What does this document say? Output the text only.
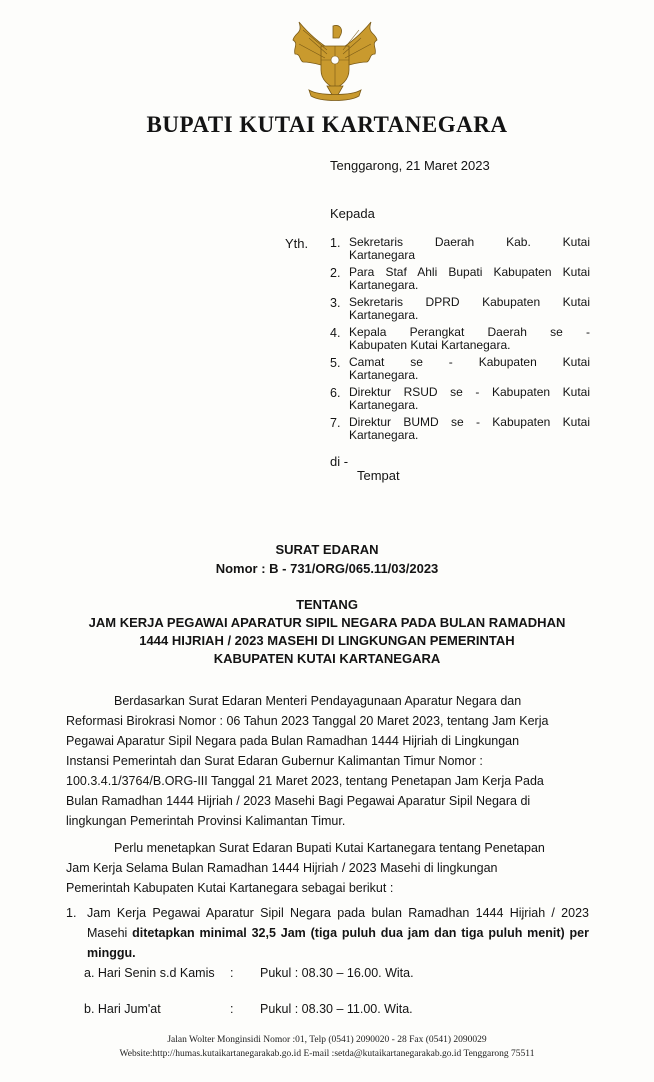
BUPATI KUTAI KARTANEGARA
Tenggarong, 21 Maret 2023
Kepada
Yth. 1. Sekretaris Daerah Kab. Kutai
Kartanegara
2. Para Staf Ahli Bupati Kabupaten Kutai
Kartanegara.
3. Sekretaris DPRD Kabupaten Kutai
Kartanegara.
4. Kepala Perangkat Daerah se -
Kabupaten Kutai Kartanegara.
5. Camat se - Kabupaten Kutai
Kartanegara.
6. Direktur RSUD se - Kabupaten Kutai
Kartanegara.
7. Direktur BUMD se - Kabupaten Kutai
Kartanegara.
di -
Tempat
SURAT EDARAN
Nomor : B - 731/ORG/065.11/03/2023
TENTANG
JAM KERJA PEGAWAI APARATUR SIPIL NEGARA PADA BULAN RAMADHAN
1444 HIJRIAH / 2023 MASEHI DI LINGKUNGAN PEMERINTAH
KABUPATEN KUTAI KARTANEGARA
Berdasarkan Surat Edaran Menteri Pendayagunaan Aparatur Negara dan
Reformasi Birokrasi Nomor : 06 Tahun 2023 Tanggal 20 Maret 2023, tentang Jam Kerja
Pegawai Aparatur Sipil Negara pada Bulan Ramadhan 1444 Hijriah di Lingkungan
Instansi Pemerintah dan Surat Edaran Gubernur Kalimantan Timur Nomor :
100.3.4.1/3764/B.ORG-III Tanggal 21 Maret 2023, tentang Penetapan Jam Kerja Pada
Bulan Ramadhan 1444 Hijriah / 2023 Masehi Bagi Pegawai Aparatur Sipil Negara di
lingkungan Pemerintah Provinsi Kalimantan Timur.
Perlu menetapkan Surat Edaran Bupati Kutai Kartanegara tentang Penetapan
Jam Kerja Selama Bulan Ramadhan 1444 Hijriah / 2023 Masehi di lingkungan
Pemerintah Kabupaten Kutai Kartanegara sebagai berikut :
1. Jam Kerja Pegawai Aparatur Sipil Negara pada bulan Ramadhan 1444 Hijriah / 2023 Masehi ditetapkan minimal 32,5 Jam (tiga puluh dua jam dan tiga puluh menit) per minggu.
a. Hari Senin s.d Kamis : Pukul : 08.30 – 16.00. Wita.
b. Hari Jum'at	: Pukul : 08.30 – 11.00. Wita.
Jalan Wolter Monginsidi Nomor :01, Telp (0541) 2090020 - 28 Fax (0541) 2090029
Website:http://humas.kutaikartanegarakab.go.id E-mail :setda@kutaikartanegarakab.go.id Tenggarong 75511
